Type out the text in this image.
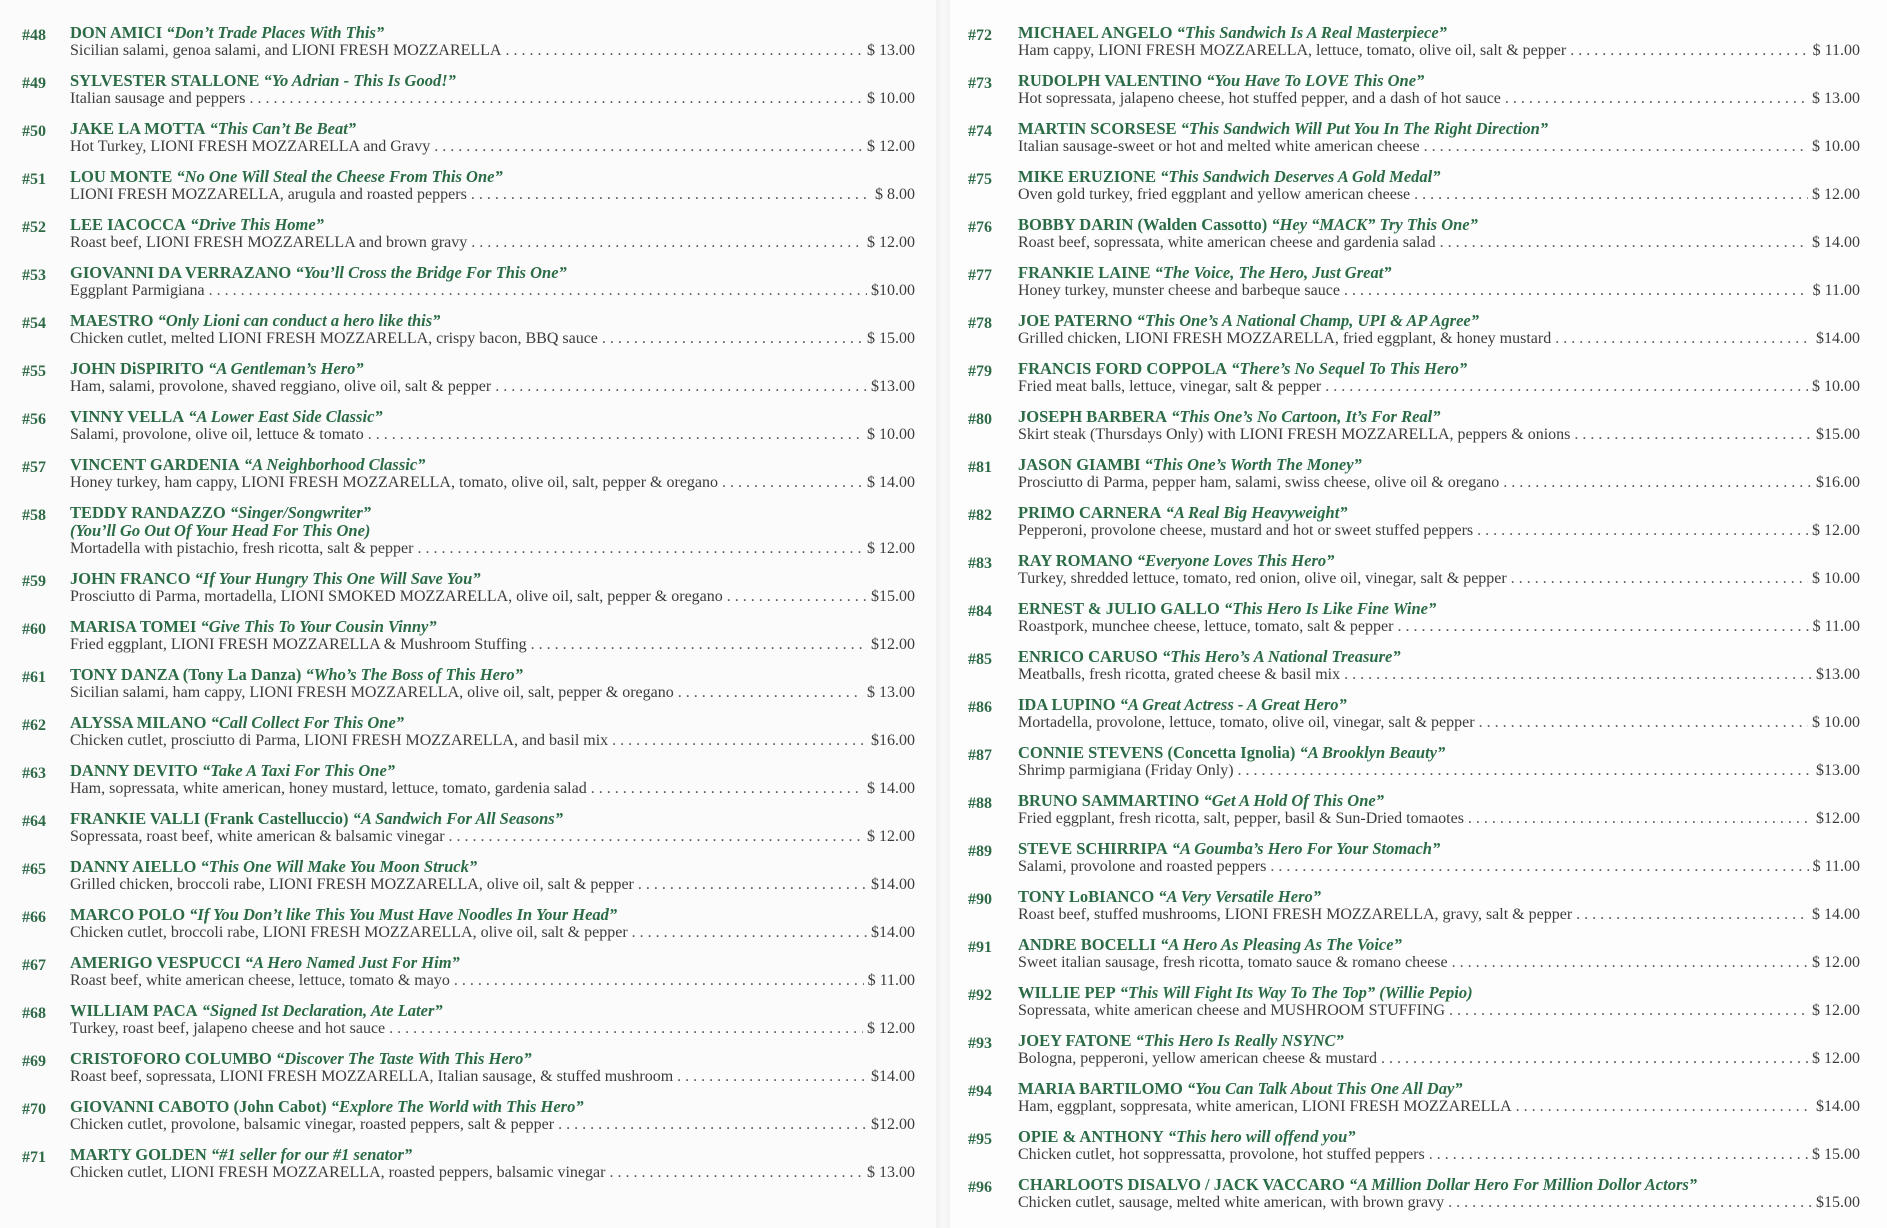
#48 DON AMICI “Don’t Trade Places With This”
Sicilian salami, genoa salami, and LIONI FRESH MOZZARELLA . . .	$ 13.00
#49 SYLVESTER STALLONE “Yo Adrian - This Is Good!”
Italian sausage and peppers . . .	$ 10.00
#50 JAKE LA MOTTA “This Can’t Be Beat”
Hot Turkey, LIONI FRESH MOZZARELLA and Gravy . . .	$ 12.00
#51 LOU MONTE “No One Will Steal the Cheese From This One”
LIONI FRESH MOZZARELLA, arugula and roasted peppers . . .	$ 8.00
#52 LEE IACOCCA “Drive This Home”
Roast beef, LIONI FRESH MOZZARELLA and brown gravy . . .	$ 12.00
#53 GIOVANNI DA VERRAZANO “You’ll Cross the Bridge For This One”
Eggplant Parmigiana . . .	$10.00
#54 MAESTRO “Only Lioni can conduct a hero like this”
Chicken cutlet, melted LIONI FRESH MOZZARELLA, crispy bacon, BBQ sauce . . .	$ 15.00
#55 JOHN DiSPIRITO “A Gentleman’s Hero”
Ham, salami, provolone, shaved reggiano, olive oil, salt & pepper . . .	$13.00
#56 VINNY VELLA “A Lower East Side Classic”
Salami, provolone, olive oil, lettuce & tomato . . .	$ 10.00
#57 VINCENT GARDENIA “A Neighborhood Classic”
Honey turkey, ham cappy, LIONI FRESH MOZZARELLA, tomato, olive oil, salt, pepper & oregano . . .	$ 14.00
#58 TEDDY RANDAZZO “Singer/Songwriter”
(You’ll Go Out Of Your Head For This One)
Mortadella with pistachio, fresh ricotta, salt & pepper . . .	$ 12.00
#59 JOHN FRANCO “If Your Hungry This One Will Save You”
Prosciutto di Parma, mortadella, LIONI SMOKED MOZZARELLA, olive oil, salt, pepper & oregano . . .	$15.00
#60 MARISA TOMEI “Give This To Your Cousin Vinny”
Fried eggplant, LIONI FRESH MOZZARELLA & Mushroom Stuffing . . .	$12.00
#61 TONY DANZA (Tony La Danza) “Who’s The Boss of This Hero”
Sicilian salami, ham cappy, LIONI FRESH MOZZARELLA, olive oil, salt, pepper & oregano . . .	$ 13.00
#62 ALYSSA MILANO “Call Collect For This One”
Chicken cutlet, prosciutto di Parma, LIONI FRESH MOZZARELLA, and basil mix . . .	$16.00
#63 DANNY DEVITO “Take A Taxi For This One”
Ham, sopressata, white american, honey mustard, lettuce, tomato, gardenia salad . . .	$ 14.00
#64 FRANKIE VALLI (Frank Castelluccio) “A Sandwich For All Seasons”
Sopressata, roast beef, white american & balsamic vinegar . . .	$ 12.00
#65 DANNY AIELLO “This One Will Make You Moon Struck”
Grilled chicken, broccoli rabe, LIONI FRESH MOZZARELLA, olive oil, salt & pepper . . .	$14.00
#66 MARCO POLO “If You Don’t like This You Must Have Noodles In Your Head”
Chicken cutlet, broccoli rabe, LIONI FRESH MOZZARELLA, olive oil, salt & pepper . . .	$14.00
#67 AMERIGO VESPUCCI “A Hero Named Just For Him”
Roast beef, white american cheese, lettuce, tomato & mayo . . .	$ 11.00
#68 WILLIAM PACA “Signed Ist Declaration, Ate Later”
Turkey, roast beef, jalapeno cheese and hot sauce . . .	$ 12.00
#69 CRISTOFORO COLUMBO “Discover The Taste With This Hero”
Roast beef, sopressata, LIONI FRESH MOZZARELLA, Italian sausage, & stuffed mushroom . . .	$14.00
#70 GIOVANNI CABOTO (John Cabot) “Explore The World with This Hero”
Chicken cutlet, provolone, balsamic vinegar, roasted peppers, salt & pepper . . .	$12.00
#71 MARTY GOLDEN “#1 seller for our #1 senator”
Chicken cutlet, LIONI FRESH MOZZARELLA, roasted peppers, balsamic vinegar . . .	$ 13.00
#72 MICHAEL ANGELO “This Sandwich Is A Real Masterpiece”
Ham cappy, LIONI FRESH MOZZARELLA, lettuce, tomato, olive oil, salt & pepper . . .	$ 11.00
#73 RUDOLPH VALENTINO “You Have To LOVE This One”
Hot sopressata, jalapeno cheese, hot stuffed pepper, and a dash of hot sauce . . .	$ 13.00
#74 MARTIN SCORSESE “This Sandwich Will Put You In The Right Direction”
Italian sausage-sweet or hot and melted white american cheese . . .	$ 10.00
#75 MIKE ERUZIONE “This Sandwich Deserves A Gold Medal”
Oven gold turkey, fried eggplant and yellow american cheese . . .	$ 12.00
#76 BOBBY DARIN (Walden Cassotto) “Hey “MACK” Try This One”
Roast beef, sopressata, white american cheese and gardenia salad . . .	$ 14.00
#77 FRANKIE LAINE “The Voice, The Hero, Just Great”
Honey turkey, munster cheese and barbeque sauce . . .	$ 11.00
#78 JOE PATERNO “This One’s A National Champ, UPI & AP Agree”
Grilled chicken, LIONI FRESH MOZZARELLA, fried eggplant, & honey mustard . . .	$14.00
#79 FRANCIS FORD COPPOLA “There’s No Sequel To This Hero”
Fried meat balls, lettuce, vinegar, salt & pepper . . .	$ 10.00
#80 JOSEPH BARBERA “This One’s No Cartoon, It’s For Real”
Skirt steak (Thursdays Only) with LIONI FRESH MOZZARELLA, peppers & onions . . .	$15.00
#81 JASON GIAMBI “This One’s Worth The Money”
Prosciutto di Parma, pepper ham, salami, swiss cheese, olive oil & oregano . . .	$16.00
#82 PRIMO CARNERA “A Real Big Heavyweight”
Pepperoni, provolone cheese, mustard and hot or sweet stuffed peppers . . .	$ 12.00
#83 RAY ROMANO “Everyone Loves This Hero”
Turkey, shredded lettuce, tomato, red onion, olive oil, vinegar, salt & pepper . . .	$ 10.00
#84 ERNEST & JULIO GALLO “This Hero Is Like Fine Wine”
Roastpork, munchee cheese, lettuce, tomato, salt & pepper . . .	$ 11.00
#85 ENRICO CARUSO “This Hero’s A National Treasure”
Meatballs, fresh ricotta, grated cheese & basil mix . . .	$13.00
#86 IDA LUPINO “A Great Actress - A Great Hero”
Mortadella, provolone, lettuce, tomato, olive oil, vinegar, salt & pepper . . .	$ 10.00
#87 CONNIE STEVENS (Concetta Ignolia) “A Brooklyn Beauty”
Shrimp parmigiana (Friday Only) . . .	$13.00
#88 BRUNO SAMMARTINO “Get A Hold Of This One”
Fried eggplant, fresh ricotta, salt, pepper, basil & Sun-Dried tomaotes . . .	$12.00
#89 STEVE SCHIRRIPA “A Goumba’s Hero For Your Stomach”
Salami, provolone and roasted peppers . . .	$ 11.00
#90 TONY LoBIANCO “A Very Versatile Hero”
Roast beef, stuffed mushrooms, LIONI FRESH MOZZARELLA, gravy, salt & pepper . . .	$ 14.00
#91 ANDRE BOCELLI “A Hero As Pleasing As The Voice”
Sweet italian sausage, fresh ricotta, tomato sauce & romano cheese . . .	$ 12.00
#92 WILLIE PEP “This Will Fight Its Way To The Top” (Willie Pepio)
Sopressata, white american cheese and MUSHROOM STUFFING . . .	$ 12.00
#93 JOEY FATONE “This Hero Is Really NSYNC”
Bologna, pepperoni, yellow american cheese & mustard . . .	$ 12.00
#94 MARIA BARTILOMO “You Can Talk About This One All Day”
Ham, eggplant, soppresata, white american, LIONI FRESH MOZZARELLA . . .	$14.00
#95 OPIE & ANTHONY “This hero will offend you”
Chicken cutlet, hot soppressatta, provolone, hot stuffed peppers . . .	$ 15.00
#96 CHARLOOTS DISALVO / JACK VACCARO “A Million Dollar Hero For Million Dollor Actors”
Chicken cutlet, sausage, melted white american, with brown gravy . . .	$15.00
